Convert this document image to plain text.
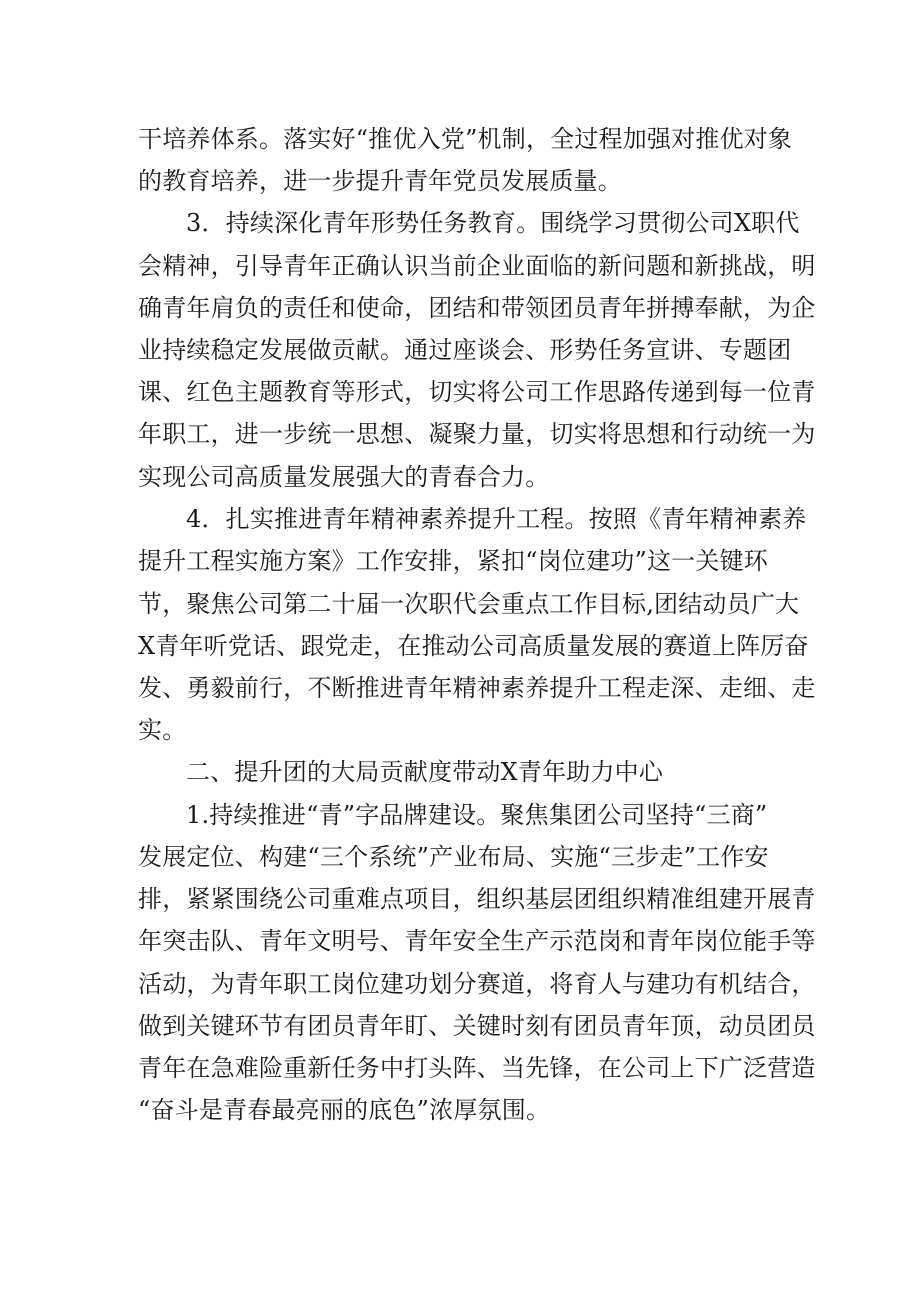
干培养体系。落实好“推优入党”机制，全过程加强对推优对象
的教育培养，进一步提升青年党员发展质量。
3．持续深化青年形势任务教育。围绕学习贯彻公司X职代
会精神，引导青年正确认识当前企业面临的新问题和新挑战，明
确青年肩负的责任和使命，团结和带领团员青年拼搏奉献，为企
业持续稳定发展做贡献。通过座谈会、形势任务宣讲、专题团
课、红色主题教育等形式，切实将公司工作思路传递到每一位青
年职工，进一步统一思想、凝聚力量，切实将思想和行动统一为
实现公司高质量发展强大的青春合力。
4．扎实推进青年精神素养提升工程。按照《青年精神素养
提升工程实施方案》工作安排，紧扣“岗位建功”这一关键环
节，聚焦公司第二十届一次职代会重点工作目标,团结动员广大
X青年听党话、跟党走，在推动公司高质量发展的赛道上阵厉奋
发、勇毅前行，不断推进青年精神素养提升工程走深、走细、走
实。
二、提升团的大局贡献度带动X青年助力中心
1.持续推进“青”字品牌建设。聚焦集团公司坚持“三商”
发展定位、构建“三个系统”产业布局、实施“三步走”工作安
排，紧紧围绕公司重难点项目，组织基层团组织精准组建开展青
年突击队、青年文明号、青年安全生产示范岗和青年岗位能手等
活动，为青年职工岗位建功划分赛道，将育人与建功有机结合，
做到关键环节有团员青年盯、关键时刻有团员青年顶，动员团员
青年在急难险重新任务中打头阵、当先锋，在公司上下广泛营造
“奋斗是青春最亮丽的底色”浓厚氛围。
